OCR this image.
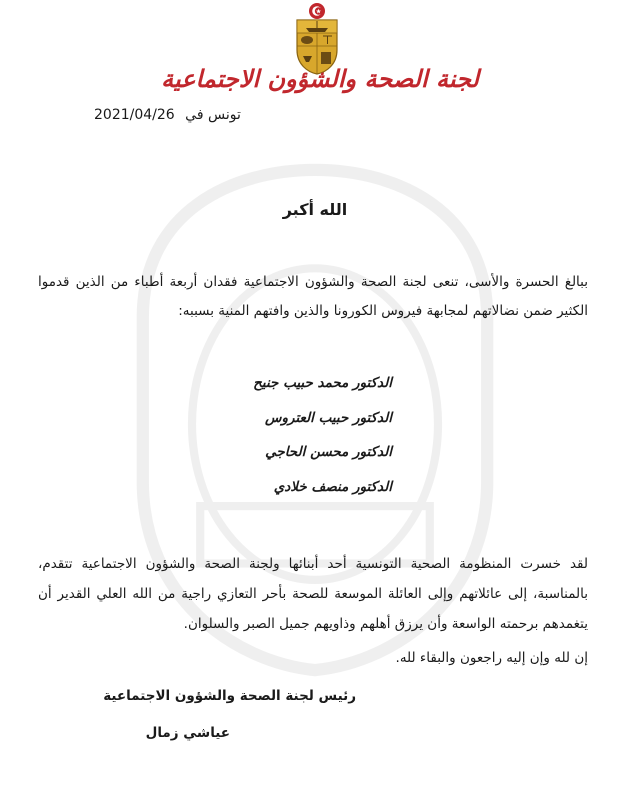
لجنة الصحة والشؤون الاجتماعية
2021/04/26 تونس في
الله أكبر

ببالغ الحسرة والأسى، تنعى لجنة الصحة والشؤون الاجتماعية فقدان أربعة أطباء من الذين قدموا الكثير ضمن نضالاتهم لمجابهة فيروس الكورونا والذين وافتهم المنية بسببه:

الدكتور محمد حبيب جنيح
الدكتور حبيب العتروس
الدكتور محسن الحاجي
الدكتور منصف خلادي

لقد خسرت المنظومة الصحية التونسية أحد أبنائها ولجنة الصحة والشؤون الاجتماعية تتقدم، بالمناسبة، إلى عائلاتهم وإلى العائلة الموسعة للصحة بأحر التعازي راجية من الله العلي القدير أن يتغمدهم برحمته الواسعة وأن يرزق أهلهم وذاويهم جميل الصبر والسلوان.

إن لله وإن إليه راجعون والبقاء لله.
رئيس لجنة الصحة والشؤون الاجتماعية
عياشي زمال
